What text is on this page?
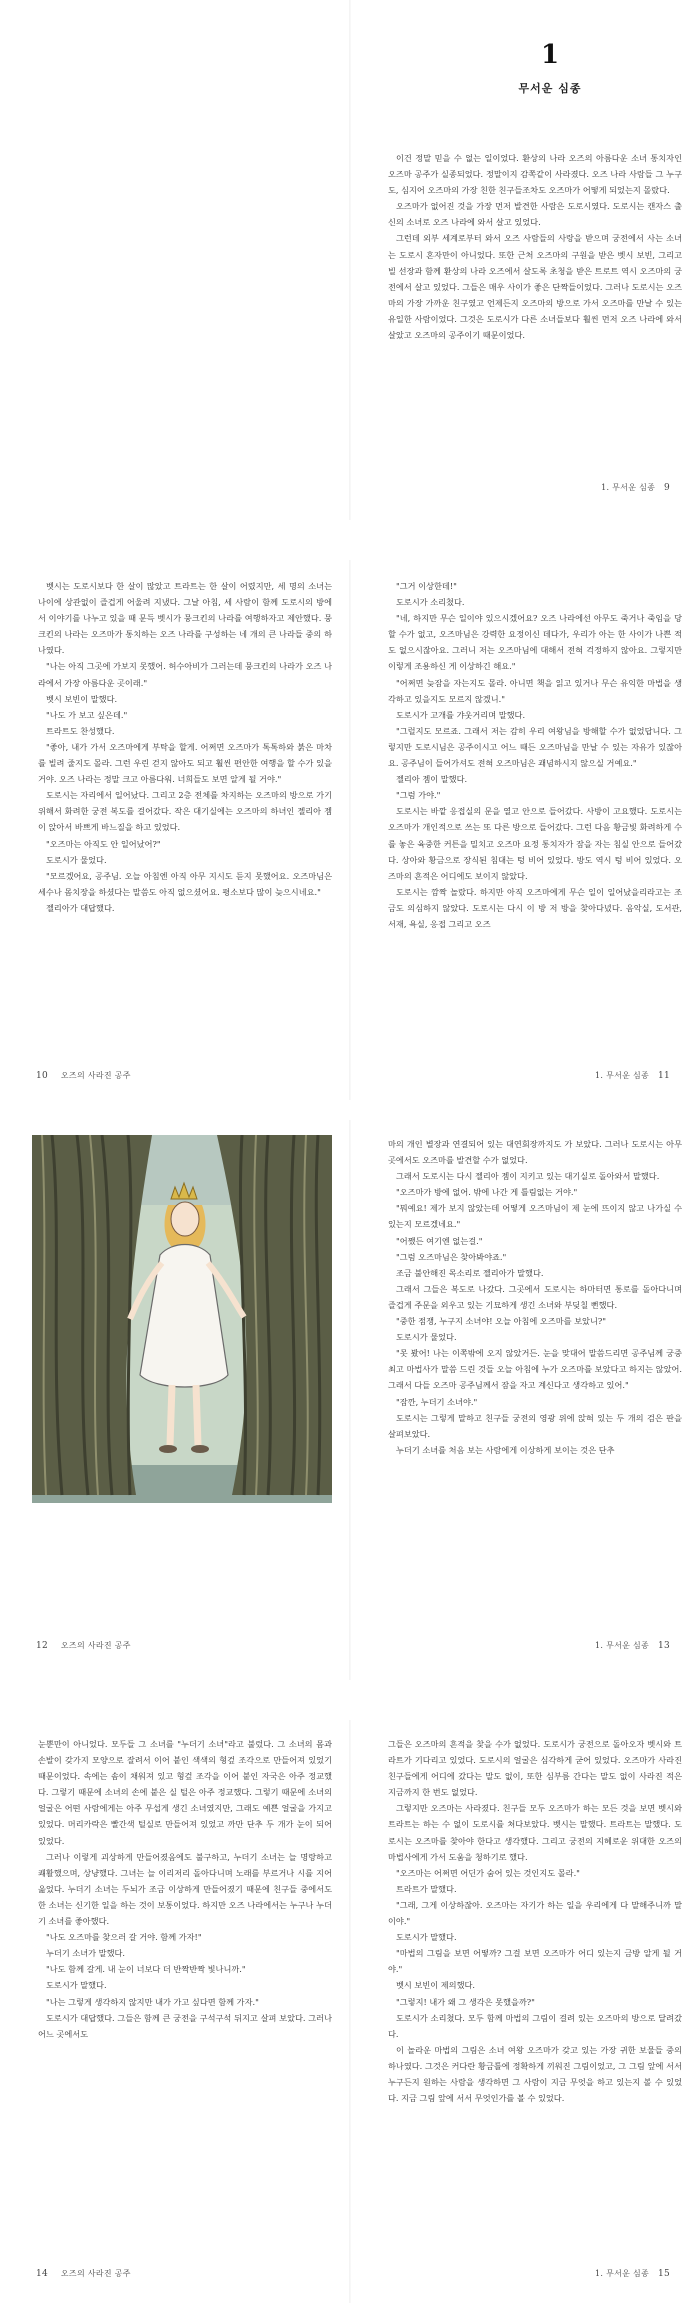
1
무서운 심종

이건 정말 믿을 수 없는 일이었다. 환상의 나라 오즈의 아름다운 소녀 통치자인 오즈마 공주가 실종되었다. 정말이지 감쪽같이 사라졌다. 오즈 나라 사람들 그 누구도, 심지어 오즈마의 가장 친한 친구들조차도 오즈마가 어떻게 되었는지 몰랐다.

오즈마가 없어진 것을 가장 먼저 발견한 사람은 도로시였다. 도로시는 캔자스 출신의 소녀로 오즈 나라에 와서 살고 있었다.

그런데 외부 세계로부터 와서 오즈 사람들의 사랑을 받으며 궁전에서 사는 소녀는 도로시 혼자만이 아니었다. 또한 근처 오즈마의 구원을 받은 벳시 보빈, 그리고 빌 선장과 함께 환상의 나라 오즈에서 살도록 초청을 받은 트로트 역시 오즈마의 궁전에서 살고 있었다. 그들은 매우 사이가 좋은 단짝들이었다. 그러나 도로시는 오즈마의 가장 가까운 친구였고 언제든지 오즈마의 방으로 가서 오즈마를 만날 수 있는 유일한 사람이었다. 그것은 도로시가 다른 소녀들보다 훨씬 먼저 오즈 나라에 와서 살았고 오즈마의 공주이기 때문이었다.

1. 무서운 심종 9

벳시는 도로시보다 한 살이 많았고 트라트는 한 살이 어렸지만, 세 명의 소녀는 나이에 상관없이 즐겁게 어울려 지냈다. 그날 아침, 세 사람이 함께 도로시의 방에서 이야기를 나누고 있을 때 문득 벳시가 뭉크킨의 나라를 여행하자고 제안했다. 뭉크킨의 나라는 오즈마가 통치하는 오즈 나라를 구성하는 네 개의 큰 나라들 중의 하나였다.

"나는 아직 그곳에 가보지 못했어. 허수아비가 그러는데 뭉크킨의 나라가 오즈 나라에서 가장 아름다운 곳이래."

벳시 보빈이 말했다.

"나도 가 보고 싶은데."

트라트도 찬성했다.

"좋아, 내가 가서 오즈마에게 부탁을 할게. 어쩌면 오즈마가 톡톡하와 붉은 마차를 빌려 줄지도 몰라. 그런 우린 걷지 않아도 되고 훨씬 편안한 여행을 할 수가 있을 거야. 오즈 나라는 정말 크고 아름다워. 너희들도 보면 알게 될 거야."

도로시는 자리에서 일어났다. 그리고 2층 전체를 차지하는 오즈마의 방으로 가기 위해서 화려한 궁전 복도를 걸어갔다. 작은 대기실에는 오즈마의 하녀인 젤리아 젬이 앉아서 바쁘게 바느질을 하고 있었다.

"오즈마는 아직도 안 일어났어?"

도로시가 물었다.

"모르겠어요, 공주님. 오늘 아침엔 아직 아무 지시도 듣지 못했어요. 오즈마님은 세수나 몸치장을 하셨다는 말씀도 아직 없으셨어요. 평소보다 많이 늦으시네요."

젤리아가 대답했다.

10 오즈의 사라진 공주

"그거 이상한데!"

도로시가 소리쳤다.

"네, 하지만 무슨 일이야 있으시겠어요? 오즈 나라에선 아무도 죽거나 죽임을 당할 수가 없고, 오즈마님은 강력한 요정이신 데다가, 우리가 아는 한 사이가 나쁜 적도 없으시잖아요. 그러니 저는 오즈마님에 대해서 전혀 걱정하지 않아요. 그렇지만 이렇게 조용하신 게 이상하긴 해요."

"어쩌면 늦잠을 자는지도 몰라. 아니면 책을 읽고 있거나 무슨 유익한 마법을 생각하고 있을지도 모르지 않겠니."

도로시가 고개를 갸웃거리며 말했다.

"그럴지도 모르죠. 그래서 저는 감히 우리 여왕님을 방해할 수가 없었답니다. 그렇지만 도로시님은 공주이시고 어느 때든 오즈마님을 만날 수 있는 자유가 있잖아요. 공주님이 들어가셔도 전혀 오즈마님은 괘념하시지 않으실 거예요."

젤리아 젬이 말했다.

"그럼 가야."

도로시는 바깥 응접실의 문을 열고 안으로 들어갔다. 사방이 고요했다. 도로시는 오즈마가 개인적으로 쓰는 또 다른 방으로 들어갔다. 그런 다음 황금빛 화려하게 수를 놓은 육중한 커튼을 밀치고 오즈마 요정 통치자가 잠을 자는 침실 안으로 들어갔다. 상아와 황금으로 장식된 침대는 텅 비어 있었다. 방도 역시 텅 비어 있었다. 오즈마의 흔적은 어디에도 보이지 않았다.

도로시는 깜짝 놀랐다. 하지만 아직 오즈마에게 무슨 일이 일어났을리라고는 조금도 의심하지 않았다. 도로시는 다시 이 방 저 방을 찾아다녔다. 음악실, 도서관, 서재, 욕실, 응접 그리고 오즈

1. 무서운 심종 11
12 오즈의 사라진 공주

마의 개인 별장과 연결되어 있는 대연회장까지도 가 보았다. 그러나 도로시는 아무 곳에서도 오즈마를 발견할 수가 없었다.

그래서 도로시는 다시 젤리아 젬이 지키고 있는 대기실로 돌아와서 말했다.

"오즈마가 방에 없어. 밖에 나간 게 틀림없는 거야."

"뭐예요! 제가 보지 않았는데 어떻게 오즈마님이 제 눈에 뜨이지 않고 나가실 수 있는지 모르겠네요."

"어쨌든 여기엔 없는걸."

"그럼 오즈마님은 찾아봐야죠."

조금 불안해진 목소리로 젤리아가 말했다.

그래서 그들은 복도로 나갔다. 그곳에서 도로시는 하마터면 통로를 돌아다니며 즐겁게 주문을 외우고 있는 기묘하게 생긴 소녀와 부딪칠 뻔했다.

"중한 점쟁, 누구지 소녀야! 오늘 아침에 오즈마를 보았니?"

도로시가 물었다.

"못 봤어! 나는 이쪽밖에 오지 않았거든. 눈을 맞대어 말씀드리면 공주님께 궁중 최고 마법사가 말씀 드린 것들 오늘 아침에 누가 오즈마를 보았다고 하지는 않았어. 그래서 다들 오즈마 공주님께서 잠을 자고 계신다고 생각하고 있어."

"잠깐, 누더기 소녀야."

도로시는 그렇게 말하고 친구들 궁전의 영광 위에 앉혀 있는 두 개의 검은 판을 살펴보았다.

누더기 소녀를 처음 보는 사람에게 이상하게 보이는 것은 단추

1. 무서운 심종 13

눈뿐만이 아니었다. 모두들 그 소녀를 "누더기 소녀"라고 불렀다. 그 소녀의 몸과 손발이 갖가지 모양으로 잘려서 이어 붙인 색색의 형겊 조각으로 만들어져 있었기 때문이었다. 속에는 솜이 채워져 있고 형겊 조각을 이어 붙인 자국은 아주 정교했다. 그렇기 때문에 소녀의 손에 붙은 실 털은 아주 정교했다. 그렇기 때문에 소녀의 얼굴은 어떤 사람에게는 아주 무섭게 생긴 소녀였지만, 그래도 예쁜 얼굴을 가지고 있었다. 머리카락은 빨간색 털실로 만들어져 있었고 까만 단추 두 개가 눈이 되어 있었다.

그러나 이렇게 괴상하게 만들어졌음에도 불구하고, 누더기 소녀는 늘 명랑하고 쾌활했으며, 상냥했다. 그녀는 늘 이리저리 돌아다니며 노래를 부르거나 시를 지어 읊었다. 누더기 소녀는 두뇌가 조금 이상하게 만들어졌기 때문에 친구들 중에서도 한 소녀는 신기한 일을 하는 것이 보통이었다. 하지만 오즈 나라에서는 누구나 누더기 소녀를 좋아했다.

"나도 오즈마를 찾으러 갈 거야. 함께 가자!"

누더기 소녀가 말했다.

"나도 함께 갈게. 내 눈이 너보다 더 반짝반짝 빛나니까."

도로시가 말했다.

"나는 그렇게 생각하지 않지만 내가 가고 싶다면 함께 가자."

도로시가 대답했다. 그들은 함께 큰 궁전을 구석구석 뒤지고 살펴 보았다. 그러나 어느 곳에서도

14 오즈의 사라진 공주

그들은 오즈마의 흔적을 찾을 수가 없었다. 도로시가 궁전으로 돌아오자 벳시와 트라트가 기다리고 있었다. 도로시의 얼굴은 심각하게 굳어 있었다. 오즈마가 사라진 친구들에게 어디에 갔다는 말도 없이, 또한 심부름 간다는 말도 없이 사라진 적은 지금까지 한 번도 없었다.

그렇지만 오즈마는 사라졌다. 친구들 모두 오즈마가 하는 모든 것을 보면 벳시와 트라트는 하는 수 없이 도로시를 쳐다보았다. 벳시는 말했다. 트라트는 말했다. 도로시는 오즈마를 찾아야 한다고 생각했다. 그리고 궁전의 지혜로운 위대한 오즈의 마법사에게 가서 도움을 청하기로 했다.

"오즈마는 어쩌면 어딘가 숨어 있는 것인지도 몰라."

트라트가 말했다.

"그래, 그게 이상하잖아. 오즈마는 자기가 하는 일을 우리에게 다 말해주니까 말이야."

도로시가 말했다.

"마법의 그림을 보면 어떻까? 그걸 보면 오즈마가 어디 있는지 금방 알게 될 거야."

벳시 보빈이 제의했다.

"그렇지! 내가 왜 그 생각은 못했을까?"

도로시가 소리쳤다. 모두 함께 마법의 그림이 걸려 있는 오즈마의 방으로 달려갔다.

이 놀라운 마법의 그림은 소녀 여왕 오즈마가 갖고 있는 가장 귀한 보물들 중의 하나였다. 그것은 커다란 황금틀에 정확하게 끼워진 그림이었고, 그 그림 앞에 서서 누구든지 원하는 사람을 생각하면 그 사람이 지금 무엇을 하고 있는지 볼 수 있었다. 지금 그림 앞에 서서 무엇인가를 볼 수 있었다.

1. 무서운 심종 15
